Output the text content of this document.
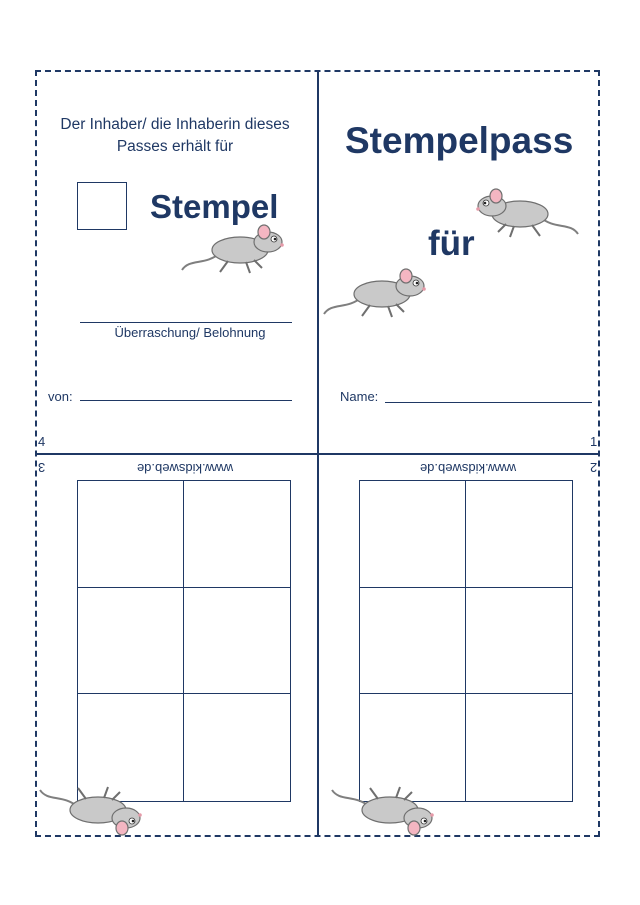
Der Inhaber/ die Inhaberin dieses Passes erhält für
Stempel
Überraschung/ Belohnung
von:
4
Stempelpass
für
Name:
1
3	www.kidsweb.de	www.kidsweb.de	2
